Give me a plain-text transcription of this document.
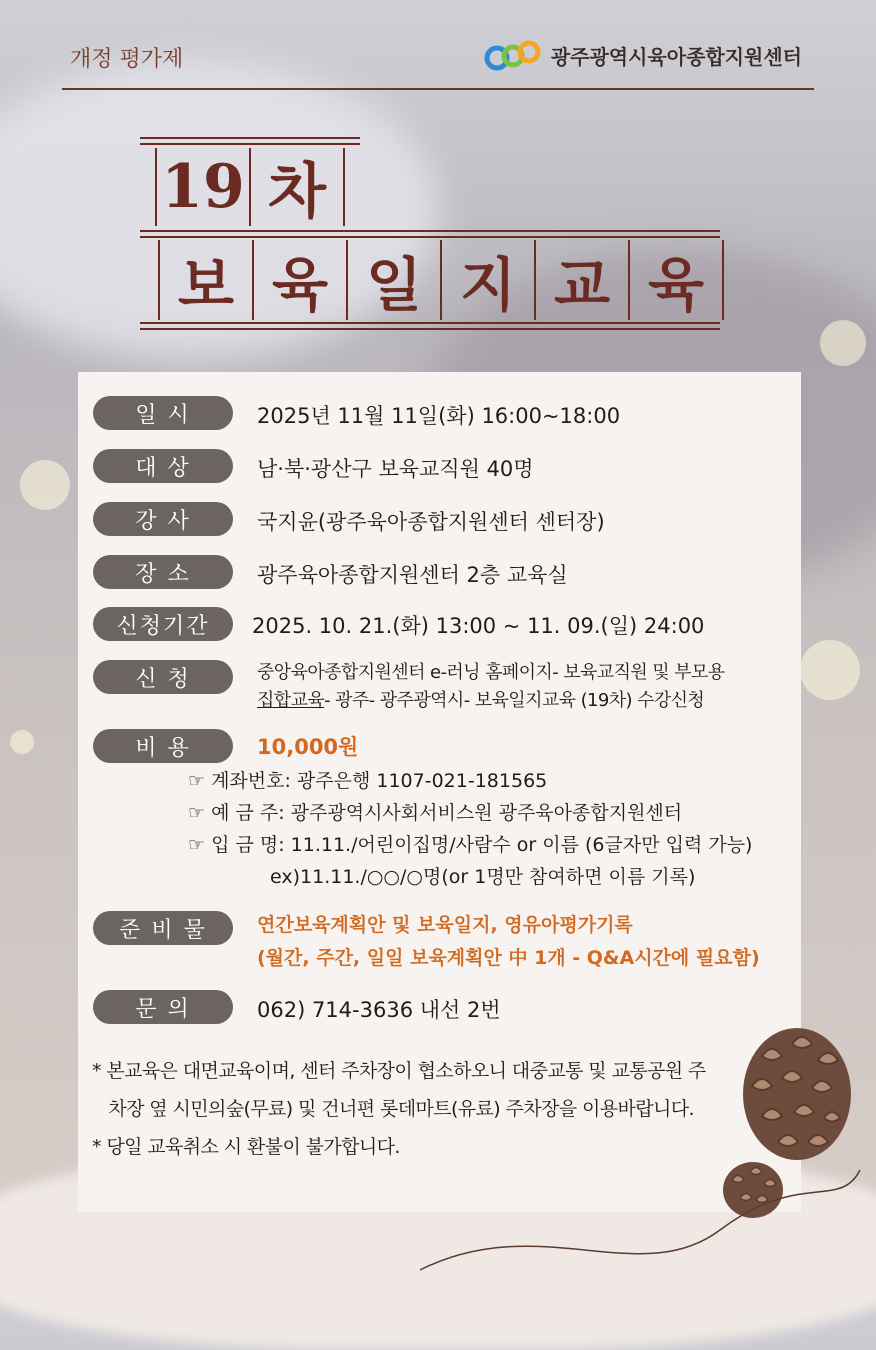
개정 평가제	광주광역시육아종합지원센터
19 차
보 육 일 지 교 육
일 시	2025년 11월 11일(화) 16:00~18:00
대 상	남·북·광산구 보육교직원 40명
강 사	국지윤(광주육아종합지원센터 센터장)
장 소	광주육아종합지원센터 2층 교육실
신청기간 2025. 10. 21.(화) 13:00 ~ 11. 09.(일) 24:00
신 청	중앙육아종합지원센터 e-러닝 홈페이지- 보육교직원 및 부모용
집합교육- 광주- 광주광역시- 보육일지교육 (19차) 수강신청
비 용	10,000원
☞ 계좌번호: 광주은행 1107-021-181565
☞ 예 금 주: 광주광역시사회서비스원 광주육아종합지원센터
☞ 입 금 명: 11.11./어린이집명/사람수 or 이름 (6글자만 입력 가능)
ex)11.11./○○/○명(or 1명만 참여하면 이름 기록)
준 비 물	연간보육계획안 및 보육일지, 영유아평가기록
(월간, 주간, 일일 보육계획안 中 1개 - Q&A시간에 필요함)
문 의	062) 714-3636 내선 2번
* 본교육은 대면교육이며, 센터 주차장이 협소하오니 대중교통 및 교통공원 주
차장 옆 시민의숲(무료) 및 건너편 롯데마트(유료) 주차장을 이용바랍니다.
* 당일 교육취소 시 환불이 불가합니다.
